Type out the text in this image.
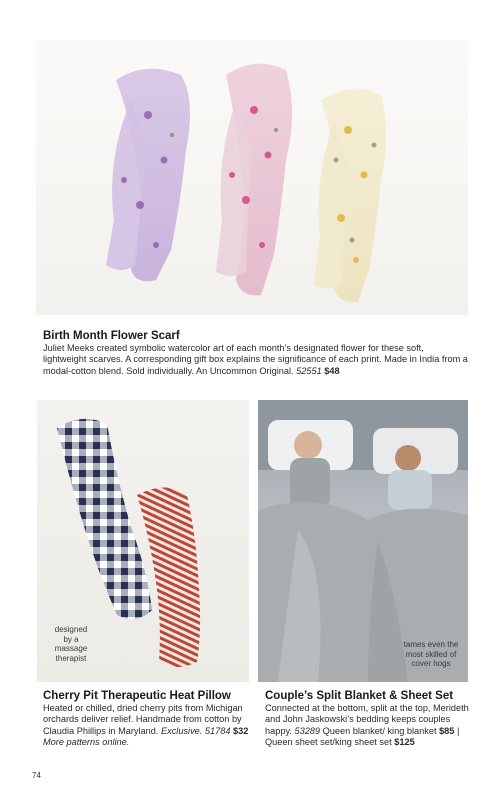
Birth Month Flower Scarf

Juliet Meeks created symbolic watercolor art of each month’s designated flower for these soft, lightweight scarves. A corresponding gift box explains the significance of each print. Made in India from a modal-cotton blend. Sold individually. An Uncommon Original. 52551 $48

designed
by a
massage
therapist
Cherry Pit Therapeutic Heat Pillow

Heated or chilled, dried cherry pits from Michigan orchards deliver relief. Handmade from cotton by Claudia Phillips in Maryland. Exclusive. 51784 $32 More patterns online.

tames even the
most skilled of
cover hogs
Couple’s Split Blanket & Sheet Set

Connected at the bottom, split at the top, Merideth and John Jaskowski’s bedding keeps couples happy. 53289 Queen blanket/ king blanket $85 | Queen sheet set/king sheet set $125

74
